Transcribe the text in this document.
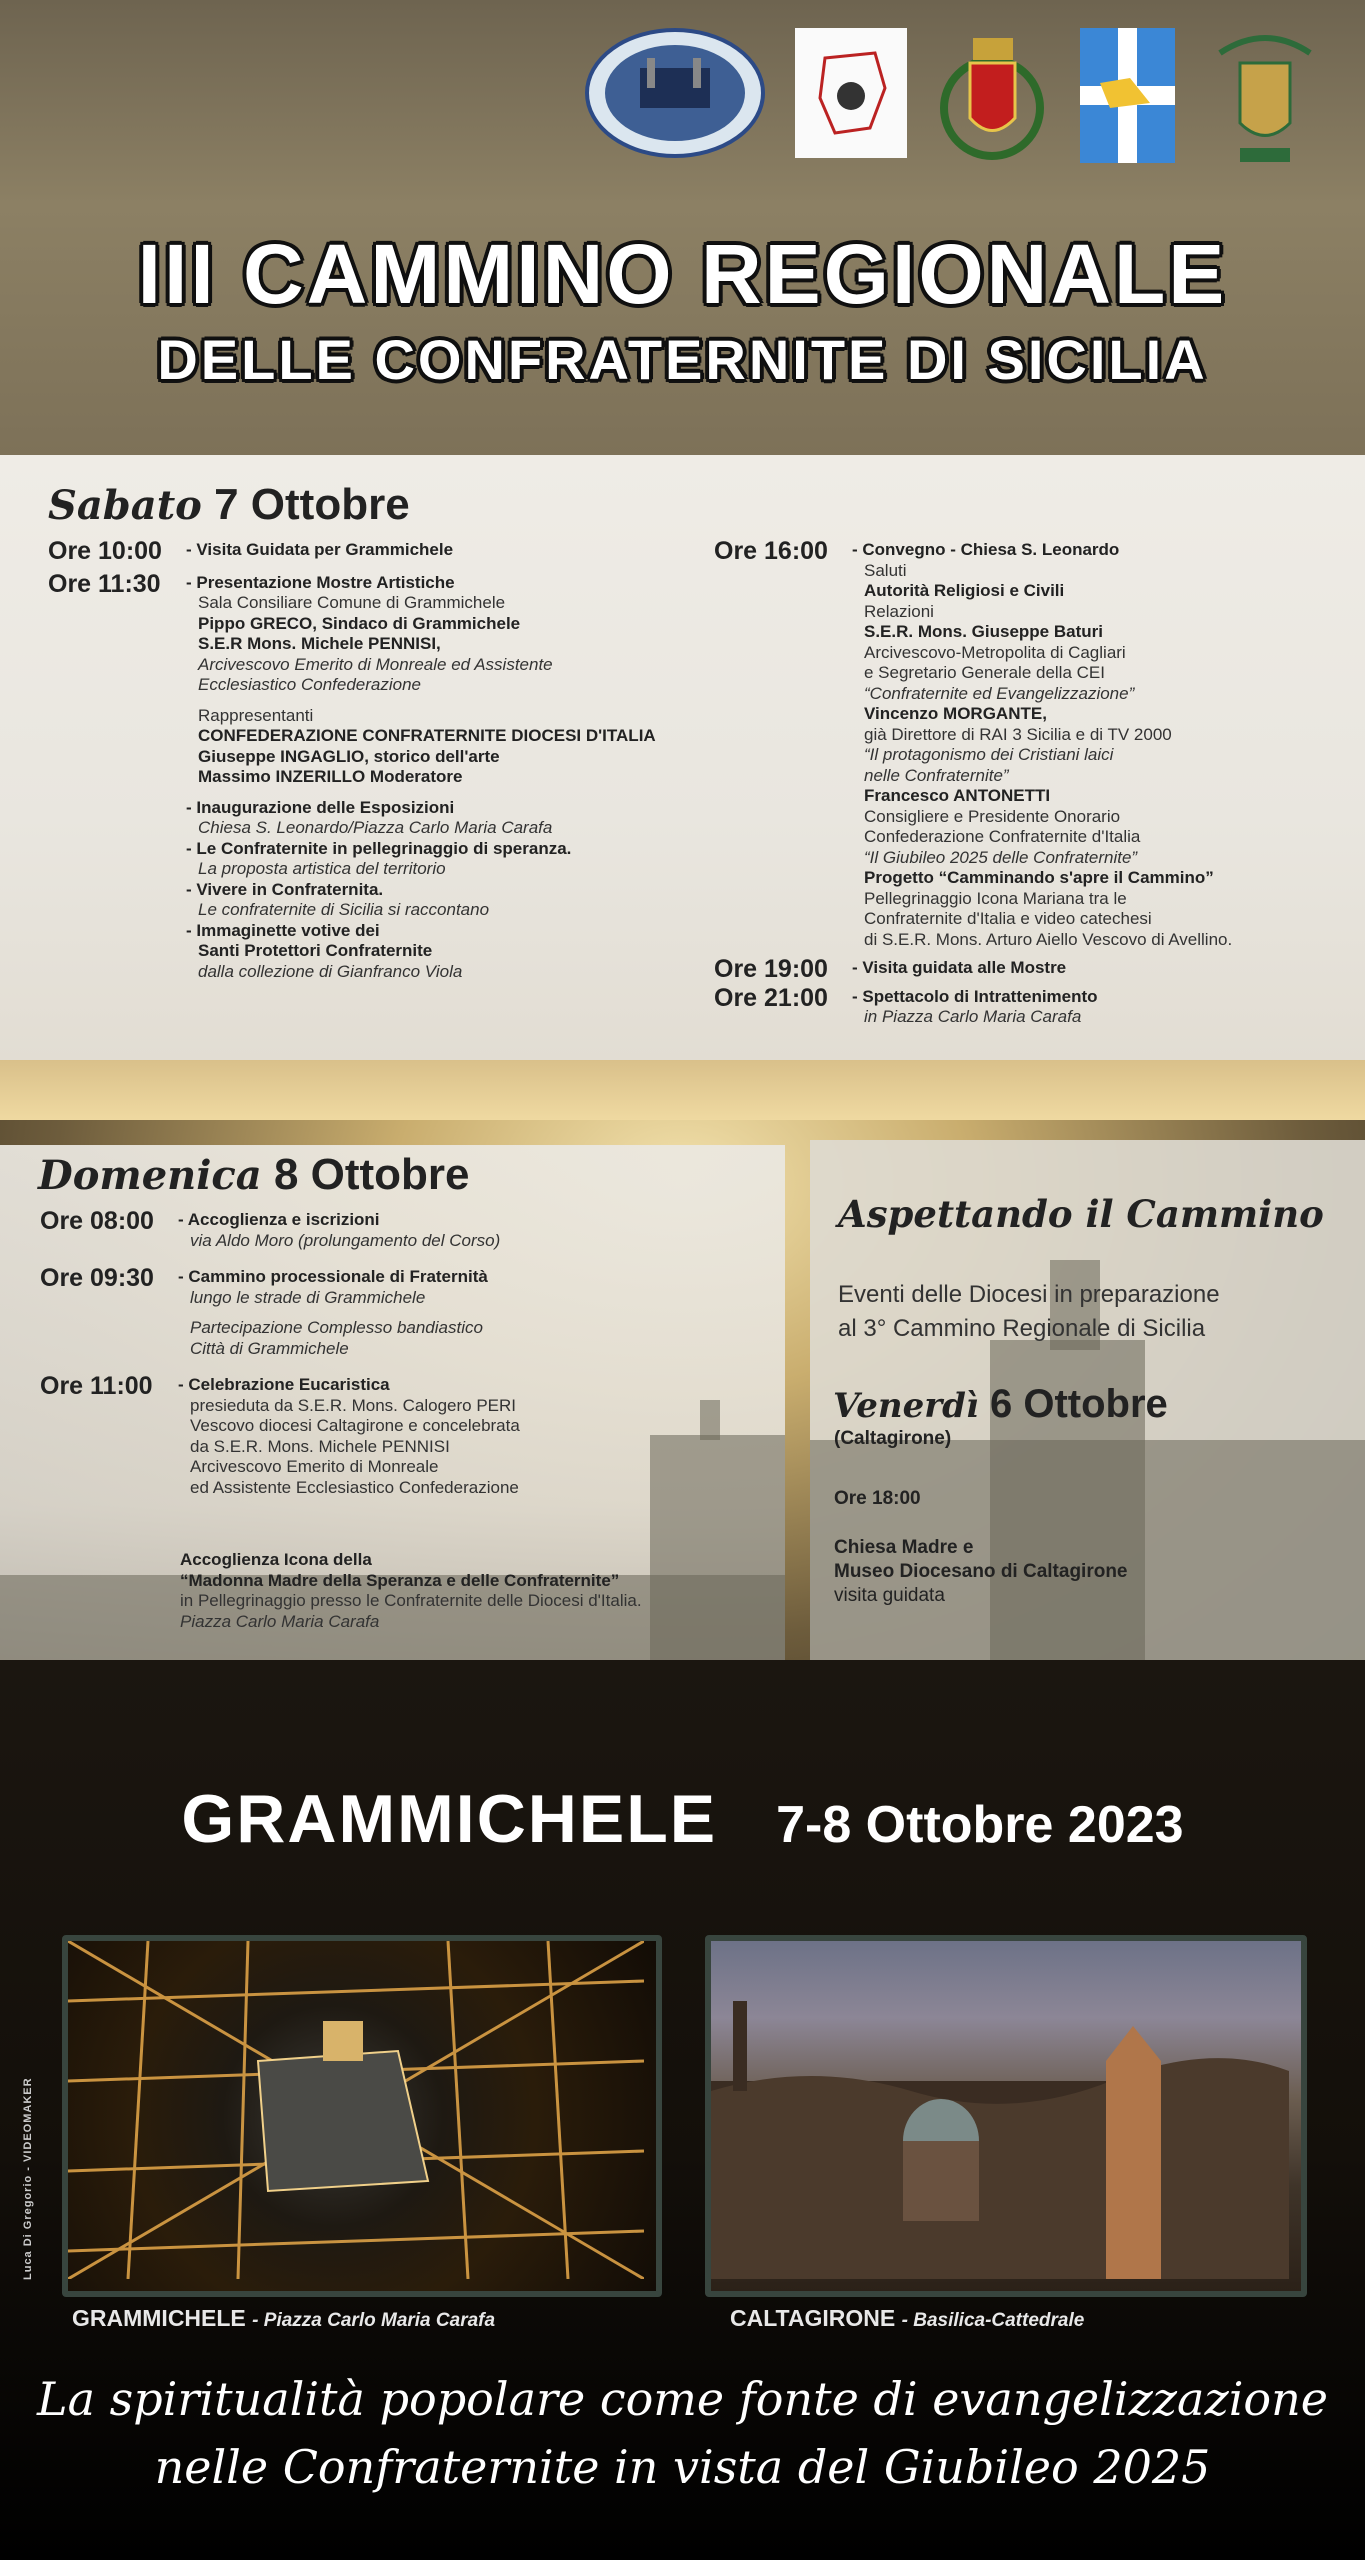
III CAMMINO REGIONALE
DELLE CONFRATERNITE DI SICILIA
Sabato 7 Ottobre
Ore 10:00 - Visita Guidata per Grammichele
Ore 11:30 - Presentazione Mostre Artistiche
Sala Consiliare Comune di Grammichele
Pippo GRECO, Sindaco di Grammichele
S.E.R Mons. Michele PENNISI,
Arcivescovo Emerito di Monreale ed Assistente
Ecclesiastico Confederazione
Rappresentanti
CONFEDERAZIONE CONFRATERNITE DIOCESI D'ITALIA
Giuseppe INGAGLIO, storico dell'arte
Massimo INZERILLO Moderatore
- Inaugurazione delle Esposizioni
Chiesa S. Leonardo/Piazza Carlo Maria Carafa
- Le Confraternite in pellegrinaggio di speranza.
La proposta artistica del territorio
- Vivere in Confraternita.
Le confraternite di Sicilia si raccontano
- Immaginette votive dei
Santi Protettori Confraternite
dalla collezione di Gianfranco Viola
Ore 16:00 - Convegno - Chiesa S. Leonardo
Saluti
Autorità Religiosi e Civili
Relazioni
S.E.R. Mons. Giuseppe Baturi
Arcivescovo-Metropolita di Cagliari
e Segretario Generale della CEI
“Confraternite ed Evangelizzazione”
Vincenzo MORGANTE,
già Direttore di RAI 3 Sicilia e di TV 2000
“Il protagonismo dei Cristiani laici
nelle Confraternite”
Francesco ANTONETTI
Consigliere e Presidente Onorario
Confederazione Confraternite d'Italia
“Il Giubileo 2025 delle Confraternite”
Progetto “Camminando s'apre il Cammino”
Pellegrinaggio Icona Mariana tra le
Confraternite d'Italia e video catechesi
di S.E.R. Mons. Arturo Aiello Vescovo di Avellino.
Ore 19:00 - Visita guidata alle Mostre
Ore 21:00 - Spettacolo di Intrattenimento
in Piazza Carlo Maria Carafa
Domenica 8 Ottobre
Ore 08:00 - Accoglienza e iscrizioni
via Aldo Moro (prolungamento del Corso)
Ore 09:30 - Cammino processionale di Fraternità
lungo le strade di Grammichele
Partecipazione Complesso bandiastico
Città di Grammichele
Ore 11:00 - Celebrazione Eucaristica
presieduta da S.E.R. Mons. Calogero PERI
Vescovo diocesi Caltagirone e concelebrata
da S.E.R. Mons. Michele PENNISI
Arcivescovo Emerito di Monreale
ed Assistente Ecclesiastico Confederazione
Accoglienza Icona della
“Madonna Madre della Speranza e delle Confraternite”
in Pellegrinaggio presso le Confraternite delle Diocesi d'Italia.
Piazza Carlo Maria Carafa
Aspettando il Cammino
Eventi delle Diocesi in preparazione
al 3° Cammino Regionale di Sicilia
Venerdì 6 Ottobre
(Caltagirone)
Ore 18:00
Chiesa Madre e
Museo Diocesano di Caltagirone
visita guidata
GRAMMICHELE 7-8 Ottobre 2023
GRAMMICHELE - Piazza Carlo Maria Carafa	CALTAGIRONE - Basilica-Cattedrale
Luca Di Gregorio - VIDEOMAKER
La spiritualità popolare come fonte di evangelizzazione
nelle Confraternite in vista del Giubileo 2025
